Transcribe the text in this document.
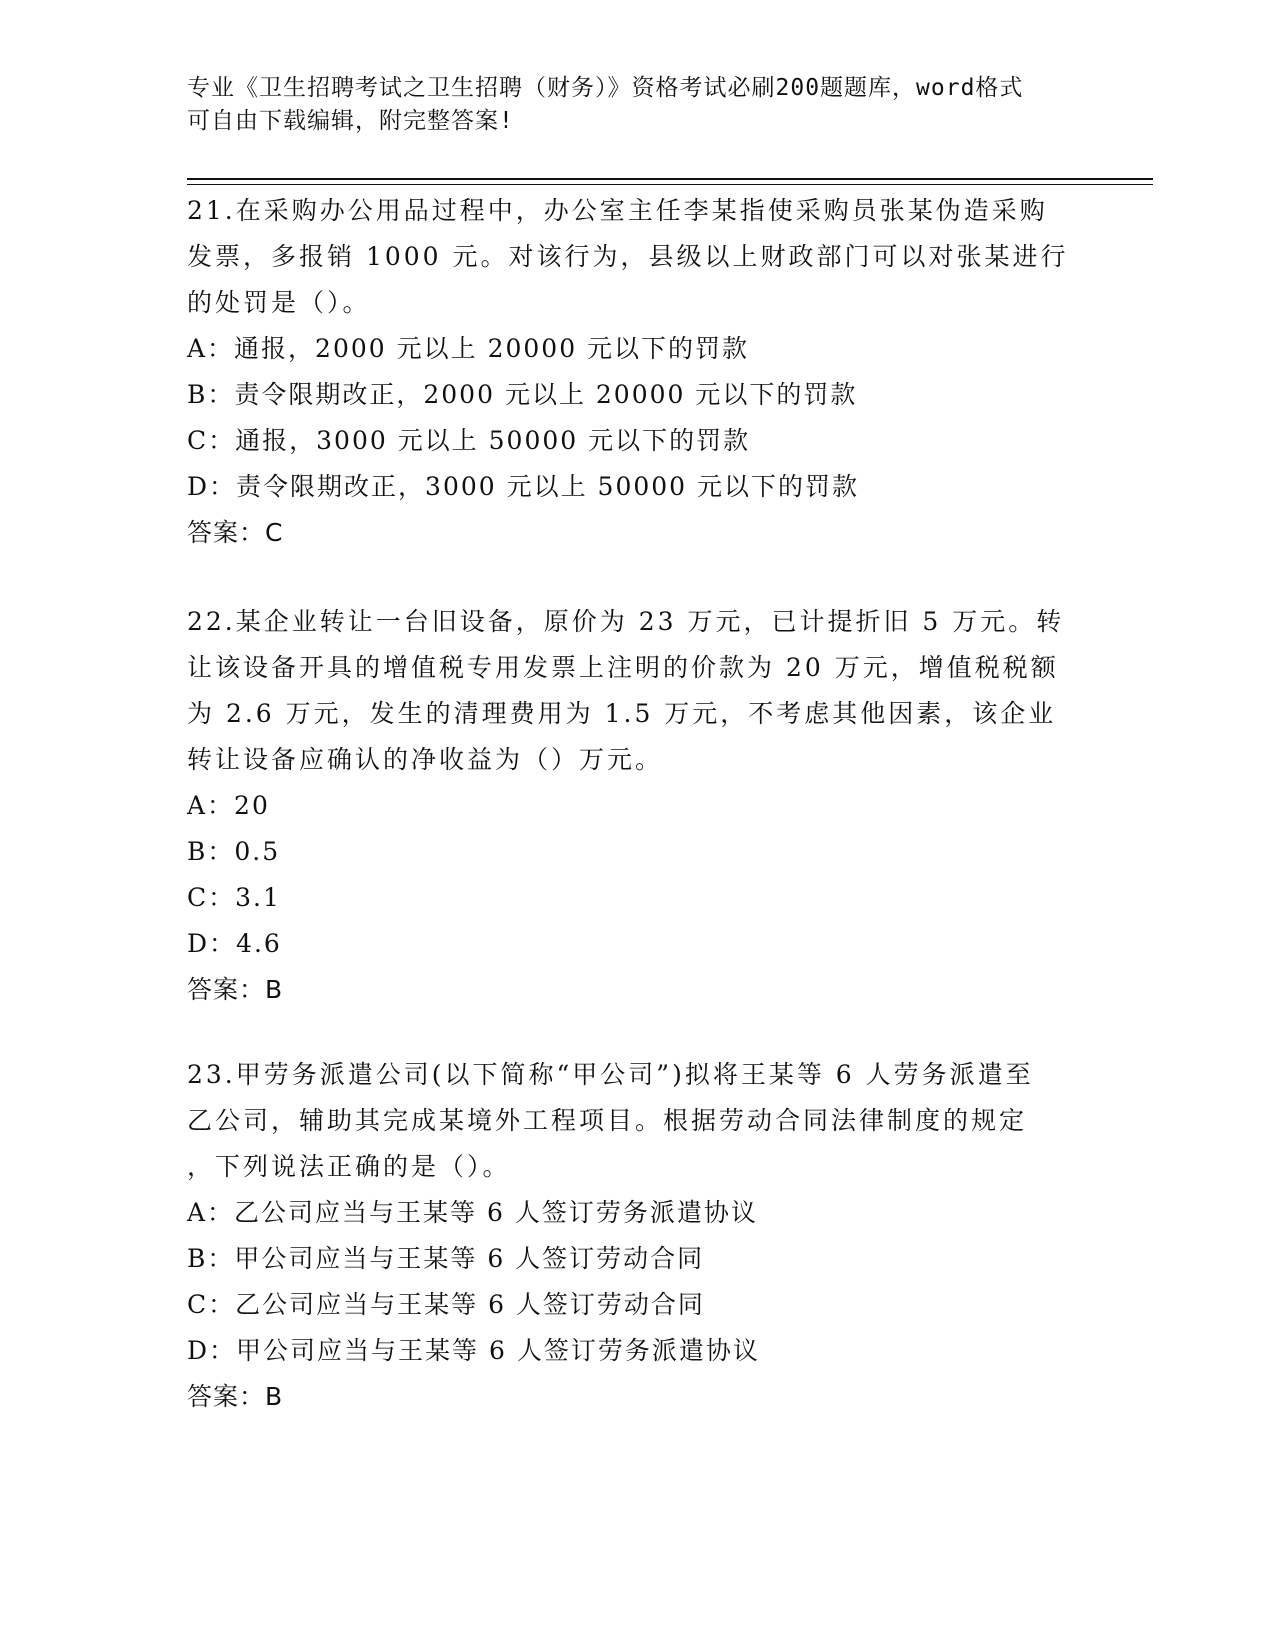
专业《卫生招聘考试之卫生招聘（财务）》资格考试必刷200题题库，word格式
可自由下载编辑，附完整答案!

21.在采购办公用品过程中，办公室主任李某指使采购员张某伪造采购
发票，多报销 1000 元。对该行为，县级以上财政部门可以对张某进行
的处罚是（）。

A：通报，2000 元以上 20000 元以下的罚款
B：责令限期改正，2000 元以上 20000 元以下的罚款
C：通报，3000 元以上 50000 元以下的罚款
D：责令限期改正，3000 元以上 50000 元以下的罚款
答案：C

22.某企业转让一台旧设备，原价为 23 万元，已计提折旧 5 万元。转
让该设备开具的增值税专用发票上注明的价款为 20 万元，增值税税额
为 2.6 万元，发生的清理费用为 1.5 万元，不考虑其他因素，该企业
转让设备应确认的净收益为（）万元。

A：20
B：0.5
C：3.1
D：4.6
答案：B

23.甲劳务派遣公司(以下简称“甲公司”)拟将王某等 6 人劳务派遣至
乙公司，辅助其完成某境外工程项目。根据劳动合同法律制度的规定
，下列说法正确的是（）。

A：乙公司应当与王某等 6 人签订劳务派遣协议
B：甲公司应当与王某等 6 人签订劳动合同
C：乙公司应当与王某等 6 人签订劳动合同
D：甲公司应当与王某等 6 人签订劳务派遣协议
答案：B
